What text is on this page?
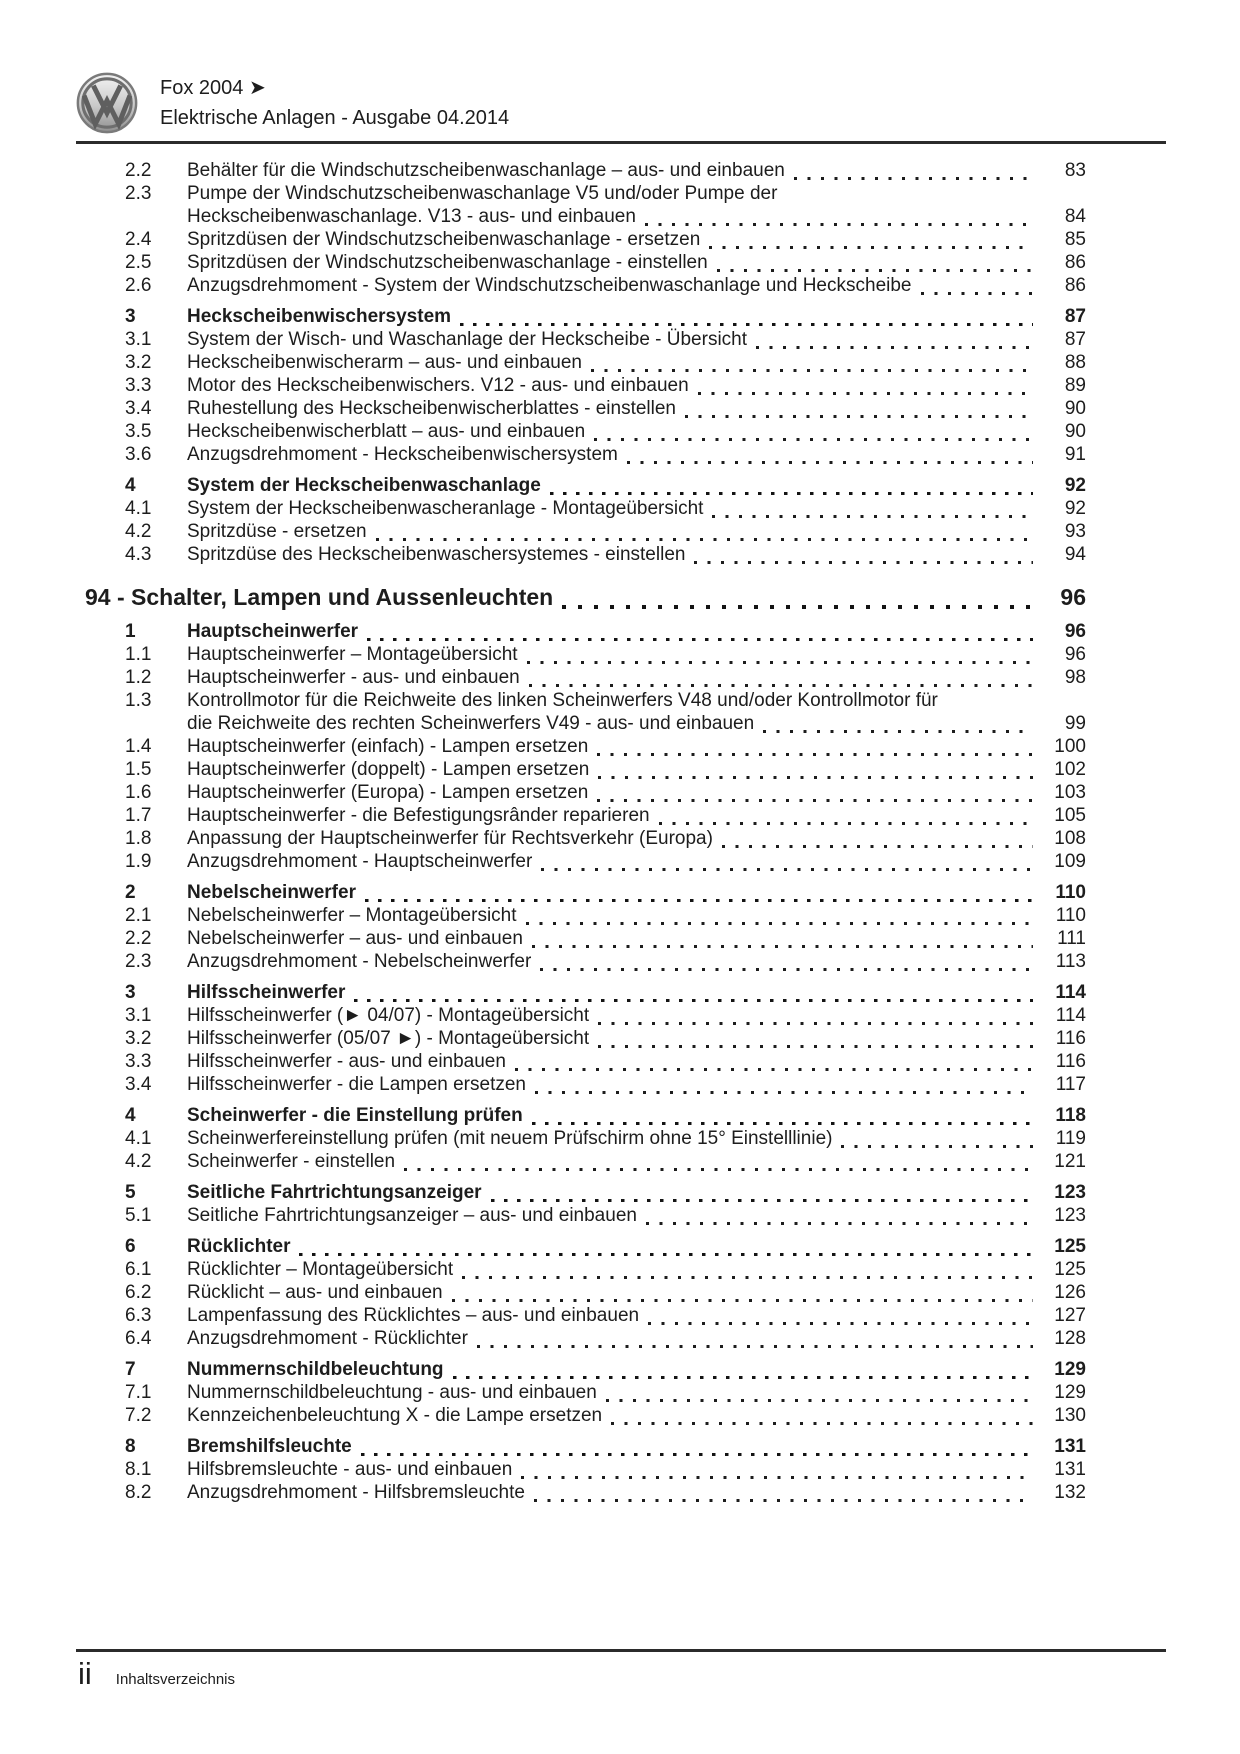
Fox 2004 ➤
Elektrische Anlagen - Ausgabe 04.2014
2.2	Behälter für die Windschutzscheibenwaschanlage – aus- und einbauen	83
2.3	Pumpe der Windschutzscheibenwaschanlage V5 und/oder Pumpe der
Heckscheibenwaschanlage. V13 - aus- und einbauen	84
2.4	Spritzdüsen der Windschutzscheibenwaschanlage - ersetzen	85
2.5	Spritzdüsen der Windschutzscheibenwaschanlage - einstellen	86
2.6	Anzugsdrehmoment - System der Windschutzscheibenwaschanlage und Heckscheibe	86
3	Heckscheibenwischersystem	87
3.1	System der Wisch- und Waschanlage der Heckscheibe - Übersicht	87
3.2	Heckscheibenwischerarm – aus- und einbauen	88
3.3	Motor des Heckscheibenwischers. V12 - aus- und einbauen	89
3.4	Ruhestellung des Heckscheibenwischerblattes - einstellen	90
3.5	Heckscheibenwischerblatt – aus- und einbauen	90
3.6	Anzugsdrehmoment - Heckscheibenwischersystem	91
4	System der Heckscheibenwaschanlage	92
4.1	System der Heckscheibenwascheranlage - Montageübersicht	92
4.2	Spritzdüse - ersetzen	93
4.3	Spritzdüse des Heckscheibenwaschersystemes - einstellen	94
94 - Schalter, Lampen und Aussenleuchten	96
1	Hauptscheinwerfer	96
1.1	Hauptscheinwerfer – Montageübersicht	96
1.2	Hauptscheinwerfer - aus- und einbauen	98
1.3	Kontrollmotor für die Reichweite des linken Scheinwerfers V48 und/oder Kontrollmotor für
die Reichweite des rechten Scheinwerfers V49 - aus- und einbauen	99
1.4	Hauptscheinwerfer (einfach) - Lampen ersetzen	100
1.5	Hauptscheinwerfer (doppelt) - Lampen ersetzen	102
1.6	Hauptscheinwerfer (Europa) - Lampen ersetzen	103
1.7	Hauptscheinwerfer - die Befestigungsrânder reparieren	105
1.8	Anpassung der Hauptscheinwerfer für Rechtsverkehr (Europa)	108
1.9	Anzugsdrehmoment - Hauptscheinwerfer	109
2	Nebelscheinwerfer	110
2.1	Nebelscheinwerfer – Montageübersicht	110
2.2	Nebelscheinwerfer – aus- und einbauen	111
2.3	Anzugsdrehmoment - Nebelscheinwerfer	113
3	Hilfsscheinwerfer	114
3.1	Hilfsscheinwerfer (► 04/07) - Montageübersicht	114
3.2	Hilfsscheinwerfer (05/07 ►) - Montageübersicht	116
3.3	Hilfsscheinwerfer - aus- und einbauen	116
3.4	Hilfsscheinwerfer - die Lampen ersetzen	117
4	Scheinwerfer - die Einstellung prüfen	118
4.1	Scheinwerfereinstellung prüfen (mit neuem Prüfschirm ohne 15° Einstelllinie)	119
4.2	Scheinwerfer - einstellen	121
5	Seitliche Fahrtrichtungsanzeiger	123
5.1	Seitliche Fahrtrichtungsanzeiger – aus- und einbauen	123
6	Rücklichter	125
6.1	Rücklichter – Montageübersicht	125
6.2	Rücklicht – aus- und einbauen	126
6.3	Lampenfassung des Rücklichtes – aus- und einbauen	127
6.4	Anzugsdrehmoment - Rücklichter	128
7	Nummernschildbeleuchtung	129
7.1	Nummernschildbeleuchtung - aus- und einbauen	129
7.2	Kennzeichenbeleuchtung X - die Lampe ersetzen	130
8	Bremshilfsleuchte	131
8.1	Hilfsbremsleuchte - aus- und einbauen	131
8.2	Anzugsdrehmoment - Hilfsbremsleuchte	132
ii Inhaltsverzeichnis
